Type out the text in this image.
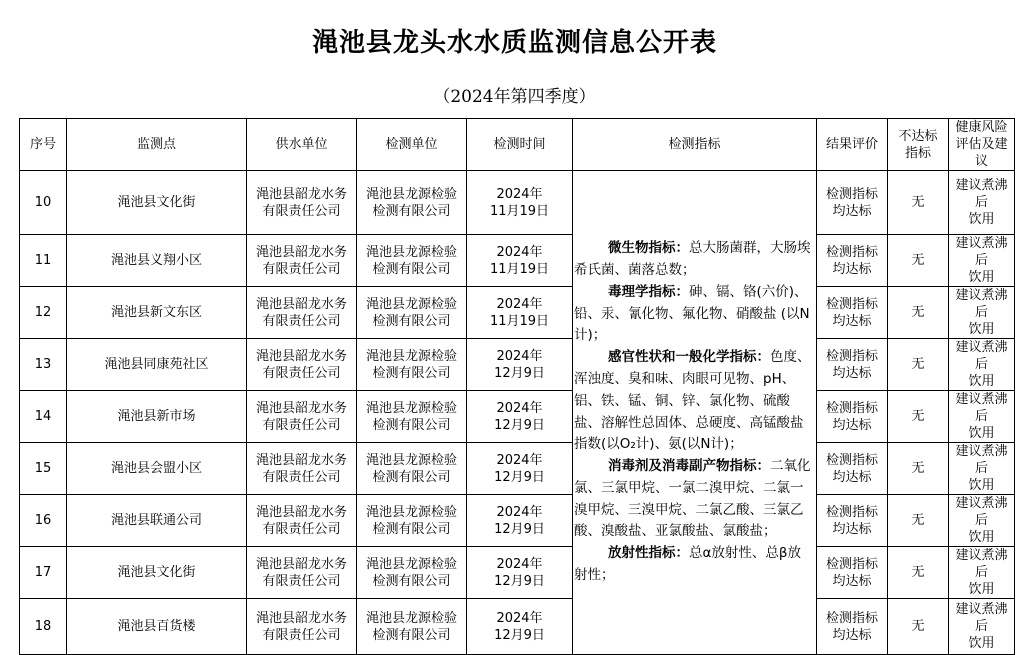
渑池县龙头水水质监测信息公开表
（2024年第四季度）
序号	监测点	供水单位	检测单位	检测时间	检测指标	结果评价	不达标
指标	健康风险
评估及建议

10	渑池县文化街	渑池县韶龙水务
有限责任公司	渑池县龙源检验
检测有限公司	2024年
11月19日	微生物指标：总大肠菌群，大肠埃希氏菌、菌落总数；
毒理学指标：砷、镉、铬(六价)、铅、汞、氰化物、氟化物、硝酸盐 (以N计)；
感官性状和一般化学指标：色度、浑浊度、臭和味、肉眼可见物、pH、铝、铁、锰、铜、锌、氯化物、硫酸盐、溶解性总固体、总硬度、高锰酸盐指数(以O₂计)、氨(以N计)；
消毒剂及消毒副产物指标：二氧化氯、三氯甲烷、一氯二溴甲烷、二氯一溴甲烷、三溴甲烷、二氯乙酸、三氯乙酸、溴酸盐、亚氯酸盐、氯酸盐；
放射性指标：总α放射性、总β放射性；	检测指标
均达标	无	建议煮沸后
饮用

11	渑池县义翔小区	渑池县韶龙水务
有限责任公司	渑池县龙源检验
检测有限公司	2024年
11月19日		检测指标
均达标	无	建议煮沸后
饮用

12	渑池县新文东区	渑池县韶龙水务
有限责任公司	渑池县龙源检验
检测有限公司	2024年
11月19日		检测指标
均达标	无	建议煮沸后
饮用

13	渑池县同康苑社区	渑池县韶龙水务
有限责任公司	渑池县龙源检验
检测有限公司	2024年
12月9日		检测指标
均达标	无	建议煮沸后
饮用

14	渑池县新市场	渑池县韶龙水务
有限责任公司	渑池县龙源检验
检测有限公司	2024年
12月9日		检测指标
均达标	无	建议煮沸后
饮用

15	渑池县会盟小区	渑池县韶龙水务
有限责任公司	渑池县龙源检验
检测有限公司	2024年
12月9日		检测指标
均达标	无	建议煮沸后
饮用

16	渑池县联通公司	渑池县韶龙水务
有限责任公司	渑池县龙源检验
检测有限公司	2024年
12月9日		检测指标
均达标	无	建议煮沸后
饮用

17	渑池县文化街	渑池县韶龙水务
有限责任公司	渑池县龙源检验
检测有限公司	2024年
12月9日		检测指标
均达标	无	建议煮沸后
饮用

18	渑池县百货楼	渑池县韶龙水务
有限责任公司	渑池县龙源检验
检测有限公司	2024年
12月9日		检测指标
均达标	无	建议煮沸后
饮用
